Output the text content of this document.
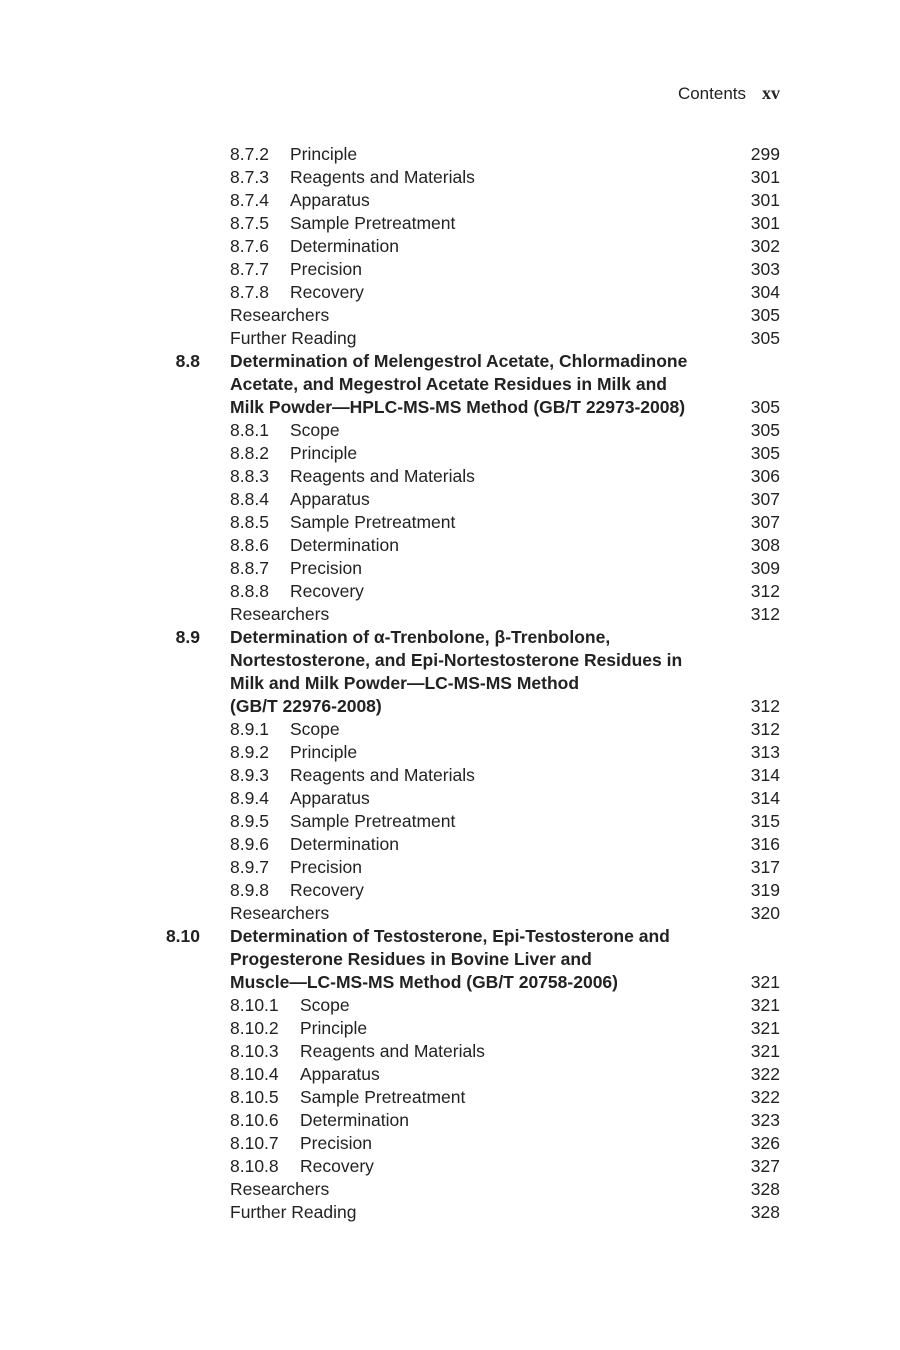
Contents xv
8.7.2 Principle	299
8.7.3 Reagents and Materials	301
8.7.4 Apparatus	301
8.7.5 Sample Pretreatment	301
8.7.6 Determination	302
8.7.7 Precision	303
8.7.8 Recovery	304
Researchers	305
Further Reading	305
8.8 Determination of Melengestrol Acetate, Chlormadinone
Acetate, and Megestrol Acetate Residues in Milk and
Milk Powder—HPLC-MS-MS Method (GB/T 22973-2008)	305
8.8.1 Scope	305
8.8.2 Principle	305
8.8.3 Reagents and Materials	306
8.8.4 Apparatus	307
8.8.5 Sample Pretreatment	307
8.8.6 Determination	308
8.8.7 Precision	309
8.8.8 Recovery	312
Researchers	312
8.9 Determination of α-Trenbolone, β-Trenbolone,
Nortestosterone, and Epi-Nortestosterone Residues in
Milk and Milk Powder—LC-MS-MS Method
(GB/T 22976-2008)	312
8.9.1 Scope	312
8.9.2 Principle	313
8.9.3 Reagents and Materials	314
8.9.4 Apparatus	314
8.9.5 Sample Pretreatment	315
8.9.6 Determination	316
8.9.7 Precision	317
8.9.8 Recovery	319
Researchers	320
8.10 Determination of Testosterone, Epi-Testosterone and
Progesterone Residues in Bovine Liver and
Muscle—LC-MS-MS Method (GB/T 20758-2006)	321
8.10.1 Scope	321
8.10.2 Principle	321
8.10.3 Reagents and Materials	321
8.10.4 Apparatus	322
8.10.5 Sample Pretreatment	322
8.10.6 Determination	323
8.10.7 Precision	326
8.10.8 Recovery	327
Researchers	328
Further Reading	328
